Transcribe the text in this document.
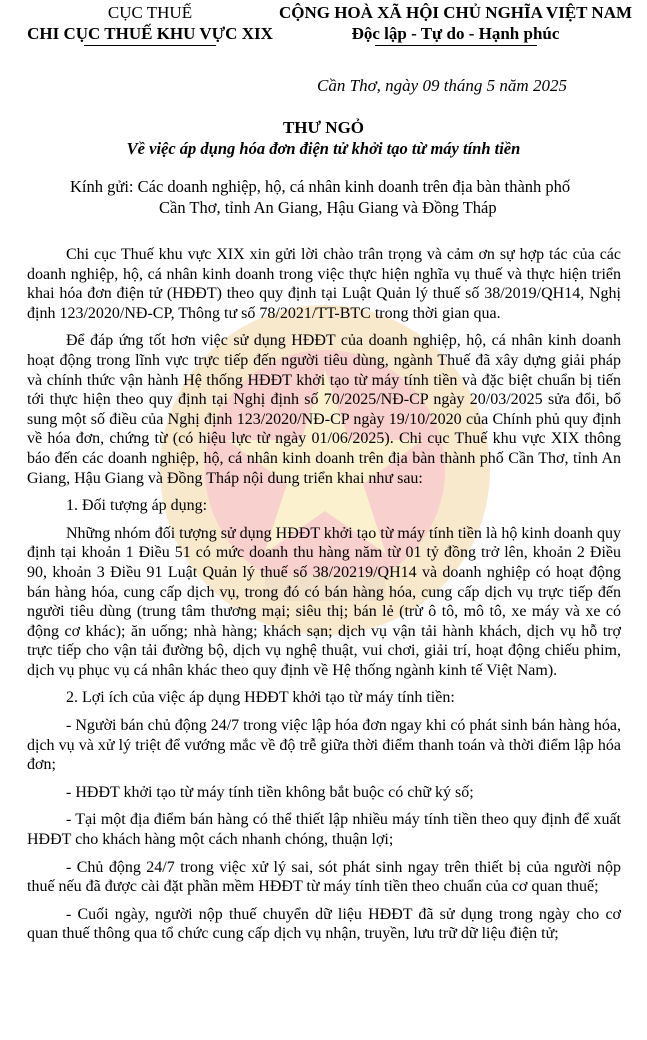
CỤC THUẾ
CHI CỤC THUẾ KHU VỰC XIX
CỘNG HOÀ XÃ HỘI CHỦ NGHĨA VIỆT NAM
Độc lập - Tự do - Hạnh phúc
Cần Thơ, ngày 09 tháng 5 năm 2025
THƯ NGỎ
Về việc áp dụng hóa đơn điện tử khởi tạo từ máy tính tiền
Kính gửi: Các doanh nghiệp, hộ, cá nhân kinh doanh trên địa bàn thành phố
Cần Thơ, tỉnh An Giang, Hậu Giang và Đồng Tháp

Chi cục Thuế khu vực XIX xin gửi lời chào trân trọng và cảm ơn sự hợp tác của các doanh nghiệp, hộ, cá nhân kinh doanh trong việc thực hiện nghĩa vụ thuế và thực hiện triển khai hóa đơn điện tử (HĐĐT) theo quy định tại Luật Quản lý thuế số 38/2019/QH14, Nghị định 123/2020/NĐ-CP, Thông tư số 78/2021/TT-BTC trong thời gian qua.

Để đáp ứng tốt hơn việc sử dụng HĐĐT của doanh nghiệp, hộ, cá nhân kinh doanh hoạt động trong lĩnh vực trực tiếp đến người tiêu dùng, ngành Thuế đã xây dựng giải pháp và chính thức vận hành Hệ thống HĐĐT khởi tạo từ máy tính tiền và đặc biệt chuẩn bị tiến tới thực hiện theo quy định tại Nghị định số 70/2025/NĐ-CP ngày 20/03/2025 sửa đổi, bổ sung một số điều của Nghị định 123/2020/NĐ-CP ngày 19/10/2020 của Chính phủ quy định về hóa đơn, chứng từ (có hiệu lực từ ngày 01/06/2025). Chi cục Thuế khu vực XIX thông báo đến các doanh nghiệp, hộ, cá nhân kinh doanh trên địa bàn thành phố Cần Thơ, tỉnh An Giang, Hậu Giang và Đồng Tháp nội dung triển khai như sau:

1. Đối tượng áp dụng:

Những nhóm đối tượng sử dụng HĐĐT khởi tạo từ máy tính tiền là hộ kinh doanh quy định tại khoản 1 Điều 51 có mức doanh thu hàng năm từ 01 tỷ đồng trở lên, khoản 2 Điều 90, khoản 3 Điều 91 Luật Quản lý thuế số 38/20219/QH14 và doanh nghiệp có hoạt động bán hàng hóa, cung cấp dịch vụ, trong đó có bán hàng hóa, cung cấp dịch vụ trực tiếp đến người tiêu dùng (trung tâm thương mại; siêu thị; bán lẻ (trừ ô tô, mô tô, xe máy và xe có động cơ khác); ăn uống; nhà hàng; khách sạn; dịch vụ vận tải hành khách, dịch vụ hỗ trợ trực tiếp cho vận tải đường bộ, dịch vụ nghệ thuật, vui chơi, giải trí, hoạt động chiếu phim, dịch vụ phục vụ cá nhân khác theo quy định về Hệ thống ngành kinh tế Việt Nam).

2. Lợi ích của việc áp dụng HĐĐT khởi tạo từ máy tính tiền:

- Người bán chủ động 24/7 trong việc lập hóa đơn ngay khi có phát sinh bán hàng hóa, dịch vụ và xử lý triệt để vướng mắc về độ trễ giữa thời điểm thanh toán và thời điểm lập hóa đơn;

- HĐĐT khởi tạo từ máy tính tiền không bắt buộc có chữ ký số;

- Tại một địa điểm bán hàng có thể thiết lập nhiều máy tính tiền theo quy định để xuất HĐĐT cho khách hàng một cách nhanh chóng, thuận lợi;

- Chủ động 24/7 trong việc xử lý sai, sót phát sinh ngay trên thiết bị của người nộp thuế nếu đã được cài đặt phần mềm HĐĐT từ máy tính tiền theo chuẩn của cơ quan thuế;

- Cuối ngày, người nộp thuế chuyển dữ liệu HĐĐT đã sử dụng trong ngày cho cơ quan thuế thông qua tổ chức cung cấp dịch vụ nhận, truyền, lưu trữ dữ liệu điện tử;
